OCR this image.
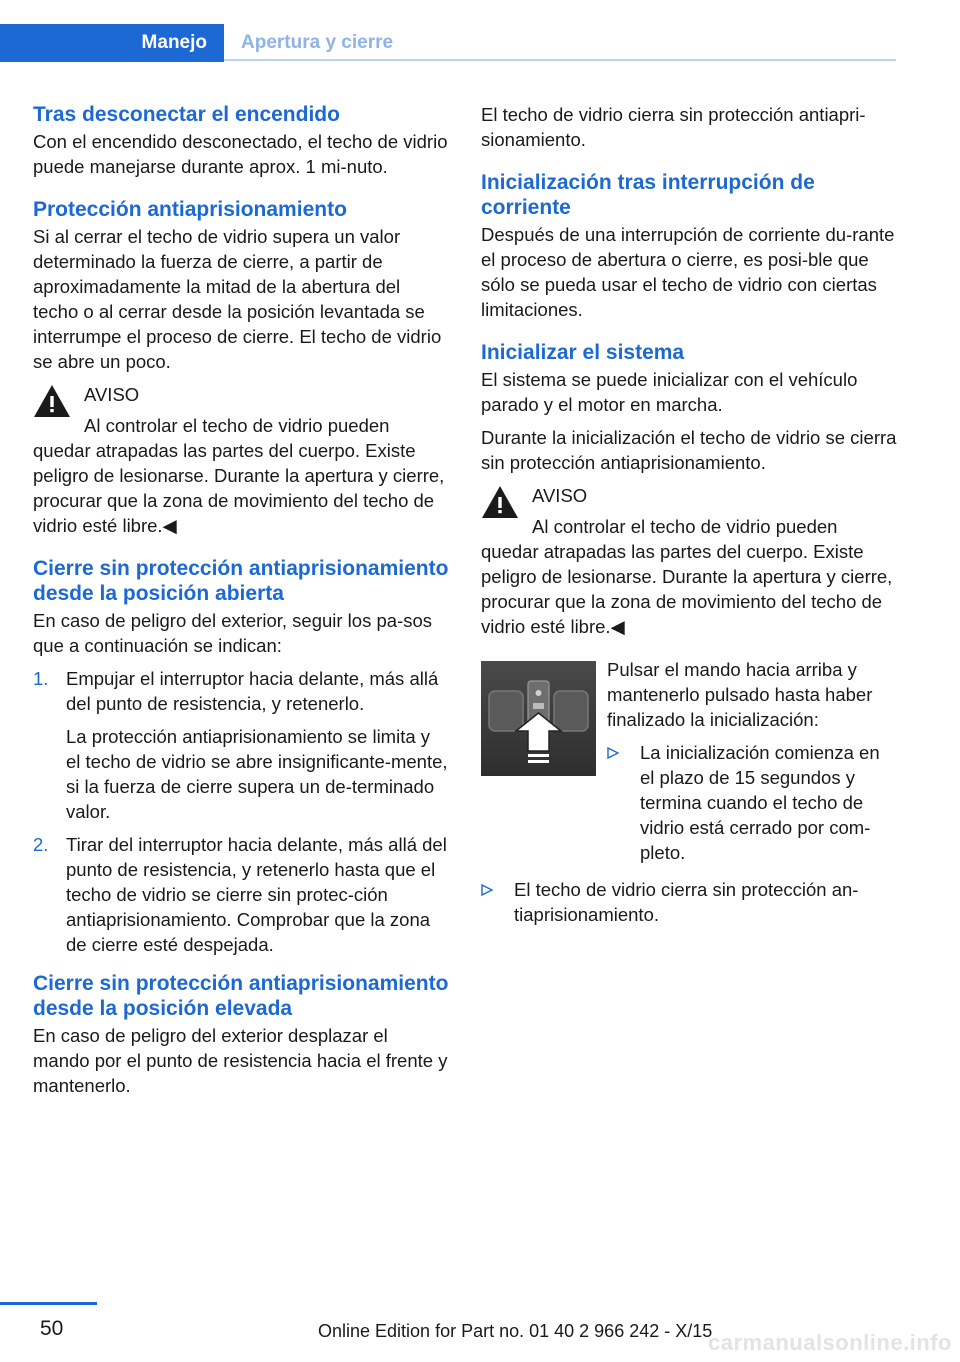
Manejo Apertura y cierre
Tras desconectar el encendido

Con el encendido desconectado, el techo de vidrio puede manejarse durante aprox. 1 mi‐nuto.

Protección antiaprisionamiento

Si al cerrar el techo de vidrio supera un valor determinado la fuerza de cierre, a partir de aproximadamente la mitad de la abertura del techo o al cerrar desde la posición levantada se interrumpe el proceso de cierre. El techo de vidrio se abre un poco.

AVISO

Al controlar el techo de vidrio pueden quedar atrapadas las partes del cuerpo. Existe peligro de lesionarse. Durante la apertura y cierre, procurar que la zona de movimiento del techo de vidrio esté libre.◀

Cierre sin protección antiaprisionamiento desde la posición abierta

En caso de peligro del exterior, seguir los pa‐sos que a continuación se indican:

1. Empujar el interruptor hacia delante, más allá del punto de resistencia, y retenerlo.

La protección antiaprisionamiento se limita y el techo de vidrio se abre insignificante‐mente, si la fuerza de cierre supera un de‐terminado valor.

2. Tirar del interruptor hacia delante, más allá del punto de resistencia, y retenerlo hasta que el techo de vidrio se cierre sin protec‐ción antiaprisionamiento. Comprobar que la zona de cierre esté despejada.

Cierre sin protección antiaprisionamiento desde la posición elevada

En caso de peligro del exterior desplazar el mando por el punto de resistencia hacia el frente y mantenerlo.

El techo de vidrio cierra sin protección antiapri‐sionamiento.

Inicialización tras interrupción de corriente

Después de una interrupción de corriente du‐rante el proceso de abertura o cierre, es posi‐ble que sólo se pueda usar el techo de vidrio con ciertas limitaciones.

Inicializar el sistema

El sistema se puede inicializar con el vehículo parado y el motor en marcha.

Durante la inicialización el techo de vidrio se cierra sin protección antiaprisionamiento.

AVISO

Al controlar el techo de vidrio pueden quedar atrapadas las partes del cuerpo. Existe peligro de lesionarse. Durante la apertura y cierre, procurar que la zona de movimiento del techo de vidrio esté libre.◀

Pulsar el mando hacia arriba y mantenerlo pulsado hasta haber finalizado la inicialización:

La inicialización comienza en el plazo de 15 segundos y termina cuando el techo de vidrio está cerrado por com‐pleto.

El techo de vidrio cierra sin protección an‐tiaprisionamiento.

50	Online Edition for Part no. 01 40 2 966 242 - X/15
carmanualsonline.info
